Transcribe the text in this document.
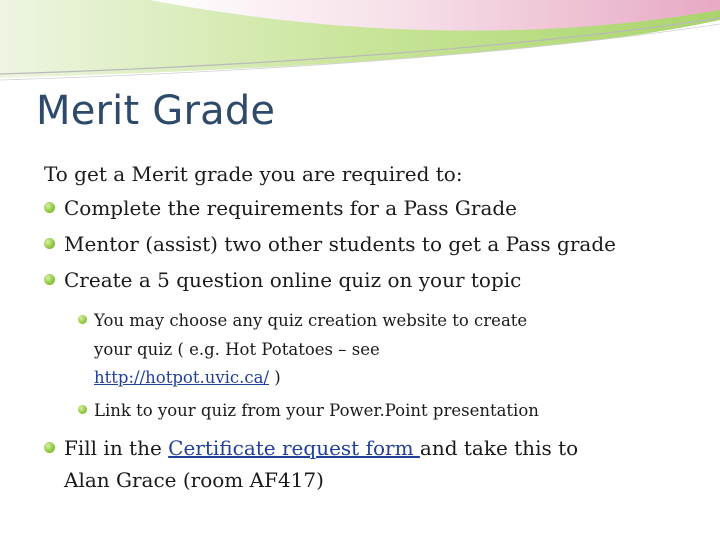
Merit Grade
To get a Merit grade you are required to:
Complete the requirements for a Pass Grade
Mentor (assist) two other students to get a Pass grade
Create a 5 question online quiz on your topic
You may choose any quiz creation website to create
your quiz ( e.g. Hot Potatoes – see
http://hotpot.uvic.ca/ )
Link to your quiz from your Power.Point presentation
Fill in the Certificate request form and take this to
Alan Grace (room AF417)
